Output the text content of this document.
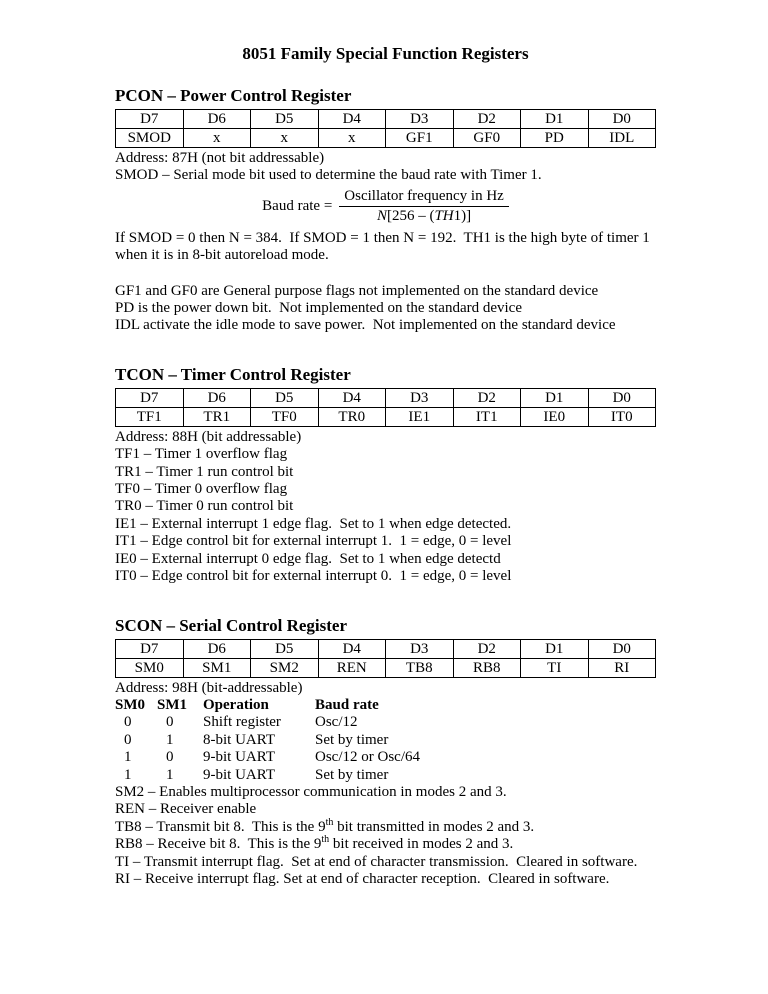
8051 Family Special Function Registers
PCON – Power Control Register
D7	D6	D5	D4	D3	D2	D1	D0
SMOD	x	x	x	GF1	GF0	PD	IDL
Address: 87H (not bit addressable)
SMOD – Serial mode bit used to determine the baud rate with Timer 1.
Baud rate = $\frac{\text{Oscillator frequency in Hz}}{N[256 - (TH1)]}$
If SMOD = 0 then N = 384.  If SMOD = 1 then N = 192.  TH1 is the high byte of timer 1
when it is in 8-bit autoreload mode.
GF1 and GF0 are General purpose flags not implemented on the standard device
PD is the power down bit.  Not implemented on the standard device
IDL activate the idle mode to save power.  Not implemented on the standard device
TCON – Timer Control Register
D7	D6	D5	D4	D3	D2	D1	D0
TF1	TR1	TF0	TR0	IE1	IT1	IE0	IT0
Address: 88H (bit addressable)
TF1 – Timer 1 overflow flag
TR1 – Timer 1 run control bit
TF0 – Timer 0 overflow flag
TR0 – Timer 0 run control bit
IE1 – External interrupt 1 edge flag.  Set to 1 when edge detected.
IT1 – Edge control bit for external interrupt 1.  1 = edge, 0 = level
IE0 – External interrupt 0 edge flag.  Set to 1 when edge detectd
IT0 – Edge control bit for external interrupt 0.  1 = edge, 0 = level
SCON – Serial Control Register
D7	D6	D5	D4	D3	D2	D1	D0
SM0	SM1	SM2	REN	TB8	RB8	TI	RI
Address: 98H (bit-addressable)
SM0 SM1	Operation	Baud rate
0	0	Shift register	Osc/12
0	1	8-bit UART	Set by timer
1	0	9-bit UART	Osc/12 or Osc/64
1	1	9-bit UART	Set by timer
SM2 – Enables multiprocessor communication in modes 2 and 3.
REN – Receiver enable
TB8 – Transmit bit 8.  This is the 9th bit transmitted in modes 2 and 3.
RB8 – Receive bit 8.  This is the 9th bit received in modes 2 and 3.
TI – Transmit interrupt flag.  Set at end of character transmission.  Cleared in software.
RI – Receive interrupt flag. Set at end of character reception.  Cleared in software.
